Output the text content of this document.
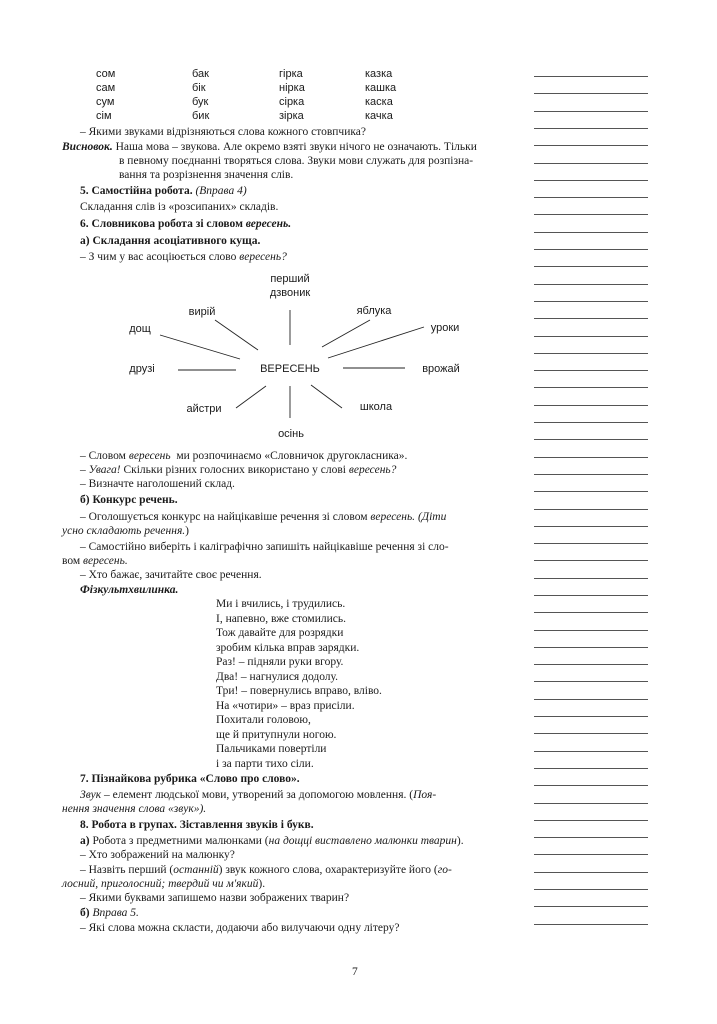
сом
сам
сум
сім
бак
бік
бук
бик
гірка
нірка
сірка
зірка
казка
кашка
каска
качка
– Якими звуками відрізняються слова кожного стовпчика?
Висновок. Наша мова – звукова. Але окремо взяті звуки нічого не означають. Тільки
в певному поєднанні творяться слова. Звуки мови служать для розпізна-
вання та розрізнення значення слів.
5. Самостійна робота. (Вправа 4)
Складання слів із «розсипаних» складів.
6. Словникова робота зі словом вересень.
а) Складання асоціативного куща.
– З чим у вас асоціюється слово вересень?
ВЕРЕСЕНЬ
перший
дзвоник
яблука
уроки
врожай
школа
осінь
айстри
друзі
дощ
вирій
– Словом вересень ми розпочинаємо «Словничок другокласника».
– Увага! Скільки різних голосних використано у слові вересень?
– Визначте наголошений склад.
б) Конкурс речень.
– Оголошується конкурс на найцікавіше речення зі словом вересень. (Діти
усно складають речення.)
– Самостійно виберіть і каліграфічно запишіть найцікавіше речення зі сло-
вом вересень.
– Хто бажає, зачитайте своє речення.
Фізкультхвилинка.
Ми і вчились, і трудились.
І, напевно, вже стомились.
Тож давайте для розрядки
зробим кілька вправ зарядки.
Раз! – підняли руки вгору.
Два! – нагнулися додолу.
Три! – повернулись вправо, вліво.
На «чотири» – враз присіли.
Похитали головою,
ще й притупнули ногою.
Пальчиками повертіли
і за парти тихо сіли.
7. Пізнайкова рубрика «Слово про слово».
Звук – елемент людської мови, утворений за допомогою мовлення. (Поя-
нення значення слова «звук»).
8. Робота в групах. Зіставлення звуків і букв.
а) Робота з предметними малюнками (на дощці виставлено малюнки тварин).
– Хто зображений на малюнку?
– Назвіть перший (останній) звук кожного слова, охарактеризуйте його (го-
лосний, приголосний; твердий чи м'який).
– Якими буквами запишемо назви зображених тварин?
б) Вправа 5.
– Які слова можна скласти, додаючи або вилучаючи одну літеру?
7
